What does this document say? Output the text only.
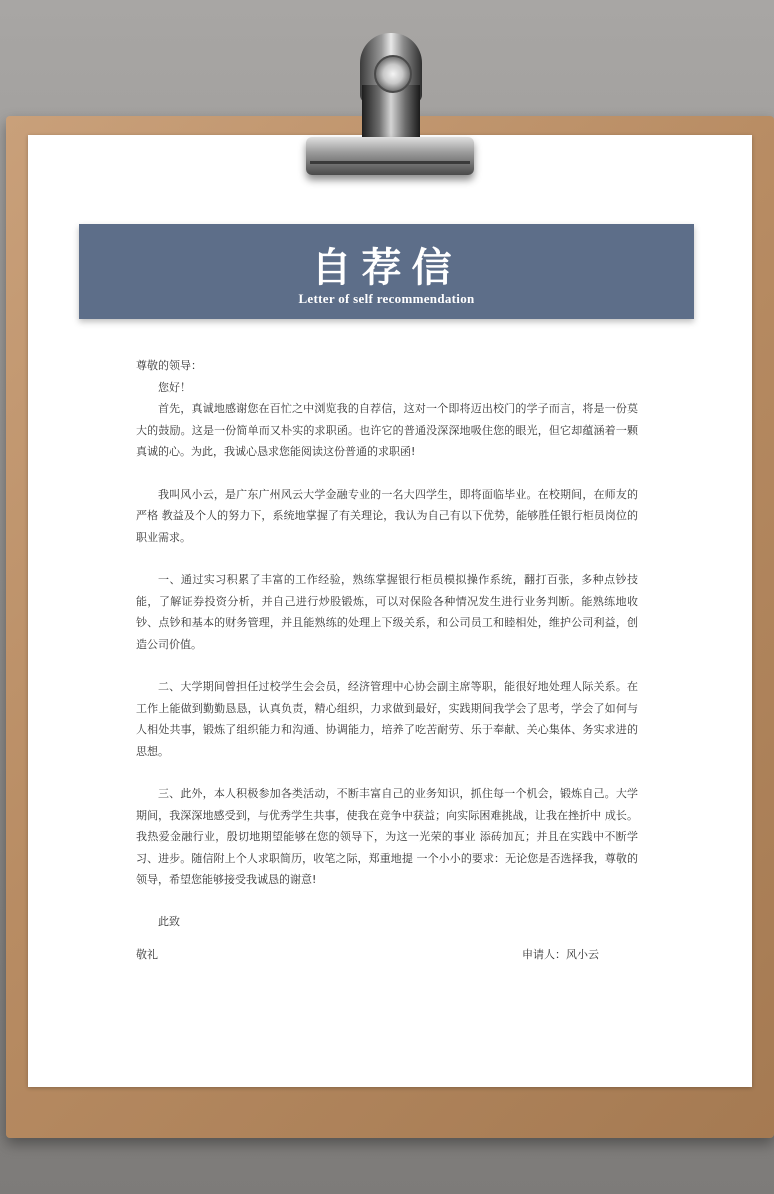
自荐信
Letter of self recommendation

尊敬的领导：

您好！

首先，真诚地感谢您在百忙之中浏览我的自荐信，这对一个即将迈出校门的学子而言，将是一份莫大的鼓励。这是一份简单而又朴实的求职函。也许它的普通没深深地吸住您的眼光，但它却蕴涵着一颗真诚的心。为此，我诚心恳求您能阅读这份普通的求职函!

我叫风小云，是广东广州风云大学金融专业的一名大四学生，即将面临毕业。在校期间，在师友的严格 教益及个人的努力下，系统地掌握了有关理论，我认为自己有以下优势，能够胜任银行柜员岗位的职业需求。

一、通过实习积累了丰富的工作经验，熟练掌握银行柜员模拟操作系统，翻打百张，多种点钞技能，了解证券投资分析，并自己进行炒股锻炼，可以对保险各种情况发生进行业务判断。能熟练地收钞、点钞和基本的财务管理，并且能熟练的处理上下级关系，和公司员工和睦相处，维护公司利益，创造公司价值。

二、大学期间曾担任过校学生会会员，经济管理中心协会副主席等职，能很好地处理人际关系。在工作上能做到勤勤恳恳，认真负责，精心组织，力求做到最好，实践期间我学会了思考，学会了如何与人相处共事，锻炼了组织能力和沟通、协调能力，培养了吃苦耐劳、乐于奉献、关心集体、务实求进的思想。

三、此外，本人积极参加各类活动，不断丰富自己的业务知识，抓住每一个机会，锻炼自己。大学期间，我深深地感受到，与优秀学生共事，使我在竞争中获益；向实际困难挑战，让我在挫折中 成长。我热爱金融行业，殷切地期望能够在您的领导下，为这一光荣的事业 添砖加瓦；并且在实践中不断学习、进步。随信附上个人求职简历，收笔之际，郑重地提 一个小小的要求：无论您是否选择我，尊敬的领导，希望您能够接受我诚恳的谢意!

此致

敬礼	申请人：风小云
